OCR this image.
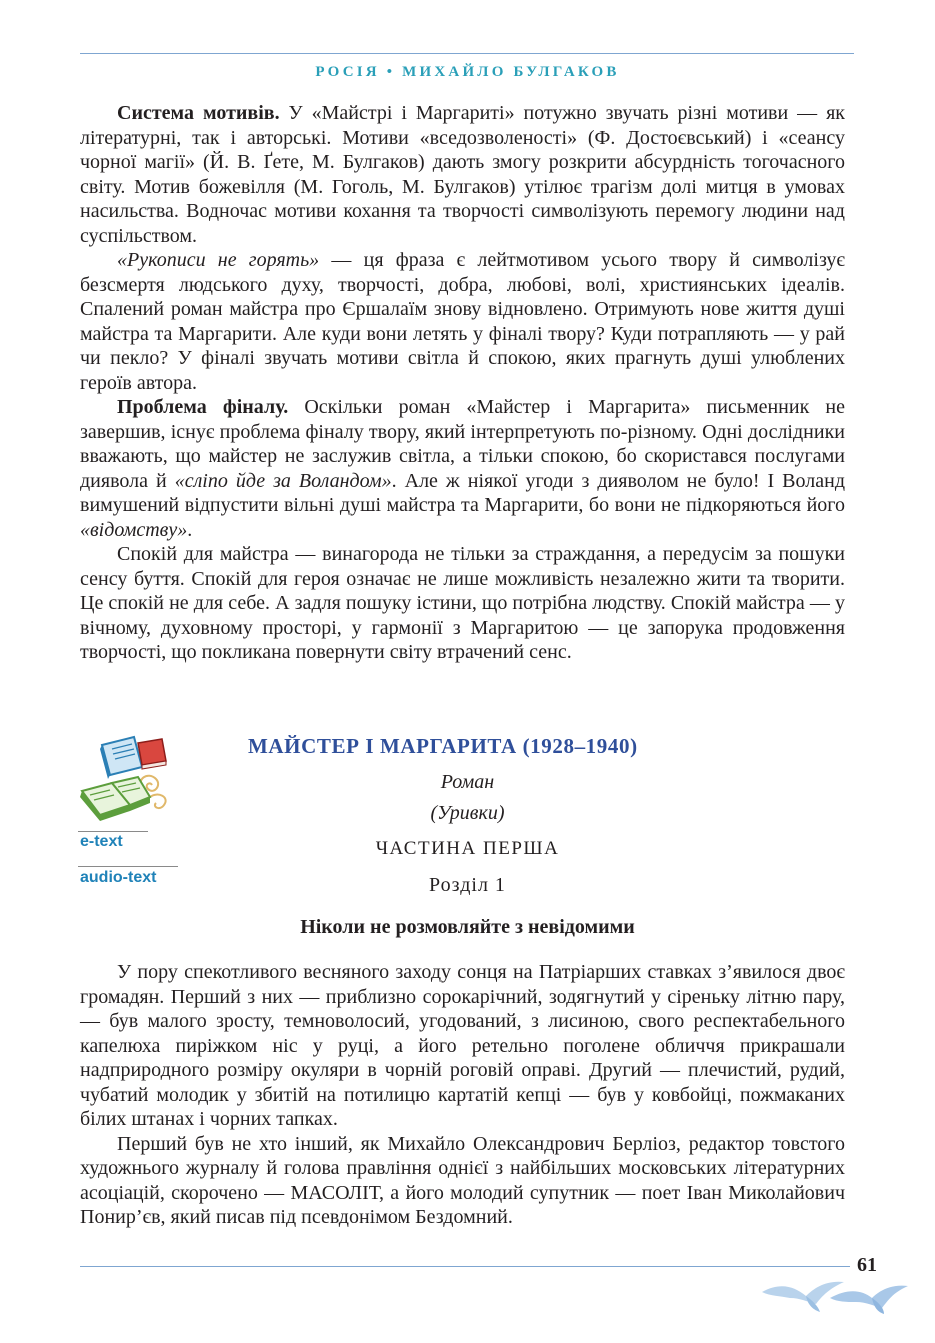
РОСІЯ • МИХАЙЛО БУЛГАКОВ

Система мотивів. У «Майстрі і Маргариті» потужно звучать різні мотиви — як літературні, так і авторські. Мотиви «вседозволеності» (Ф. Достоєвський) і «сеансу чорної магії» (Й. В. Ґете, М. Булгаков) дають змогу розкрити абсурдність тогочасного світу. Мотив божевілля (М. Гоголь, М. Булгаков) утілює трагізм долі митця в умовах насильства. Водночас мотиви кохання та творчості символізують перемогу людини над суспільством.

«Рукописи не горять» — ця фраза є лейтмотивом усього твору й символізує безсмертя людського духу, творчості, добра, любові, волі, християнських ідеалів. Спалений роман майстра про Єршалаїм знову відновлено. Отримують нове життя душі майстра та Маргарити. Але куди вони летять у фіналі твору? Куди потрапляють — у рай чи пекло? У фіналі звучать мотиви світла й спокою, яких прагнуть душі улюблених героїв автора.

Проблема фіналу. Оскільки роман «Майстер і Маргарита» письменник не завершив, існує проблема фіналу твору, який інтерпретують по-різному. Одні дослідники вважають, що майстер не заслужив світла, а тільки спокою, бо скористався послугами диявола й «сліпо йде за Воландом». Але ж ніякої угоди з дияволом не було! І Воланд вимушений відпустити вільні душі майстра та Маргарити, бо вони не підкоряються його «відомству».

Спокій для майстра — винагорода не тільки за страждання, а передусім за пошуки сенсу буття. Спокій для героя означає не лише можливість незалежно жити та творити. Це спокій не для себе. А задля пошуку істини, що потрібна людству. Спокій майстра — у вічному, духовному просторі, у гармонії з Маргаритою — це запорука продовження творчості, що покликана повернути світу втрачений сенс.

e-text
audio-text
МАЙСТЕР І МАРГАРИТА (1928–1940)
Роман
(Уривки)
ЧАСТИНА ПЕРША
Розділ 1
Ніколи не розмовляйте з невідомими

У пору спекотливого весняного заходу сонця на Патріарших ставках з’явилося двоє громадян. Перший з них — приблизно сорокарічний, зодягнутий у сіреньку літню пару, — був малого зросту, темноволосий, угодований, з лисиною, свого респектабельного капелюха пиріжком ніс у руці, а його ретельно поголене обличчя прикрашали надприродного розміру окуляри в чорній роговій оправі. Другий — плечистий, рудий, чубатий молодик у збитій на потилицю картатій кепці — був у ковбойці, пожмаканих білих штанах і чорних тапках.

Перший був не хто інший, як Михайло Олександрович Берліоз, редактор товстого художнього журналу й голова правління однієї з найбільших московських літературних асоціацій, скорочено — МАСОЛІТ, а його молодий супутник — поет Іван Миколайович Понир’єв, який писав під псевдонімом Бездомний.

61
